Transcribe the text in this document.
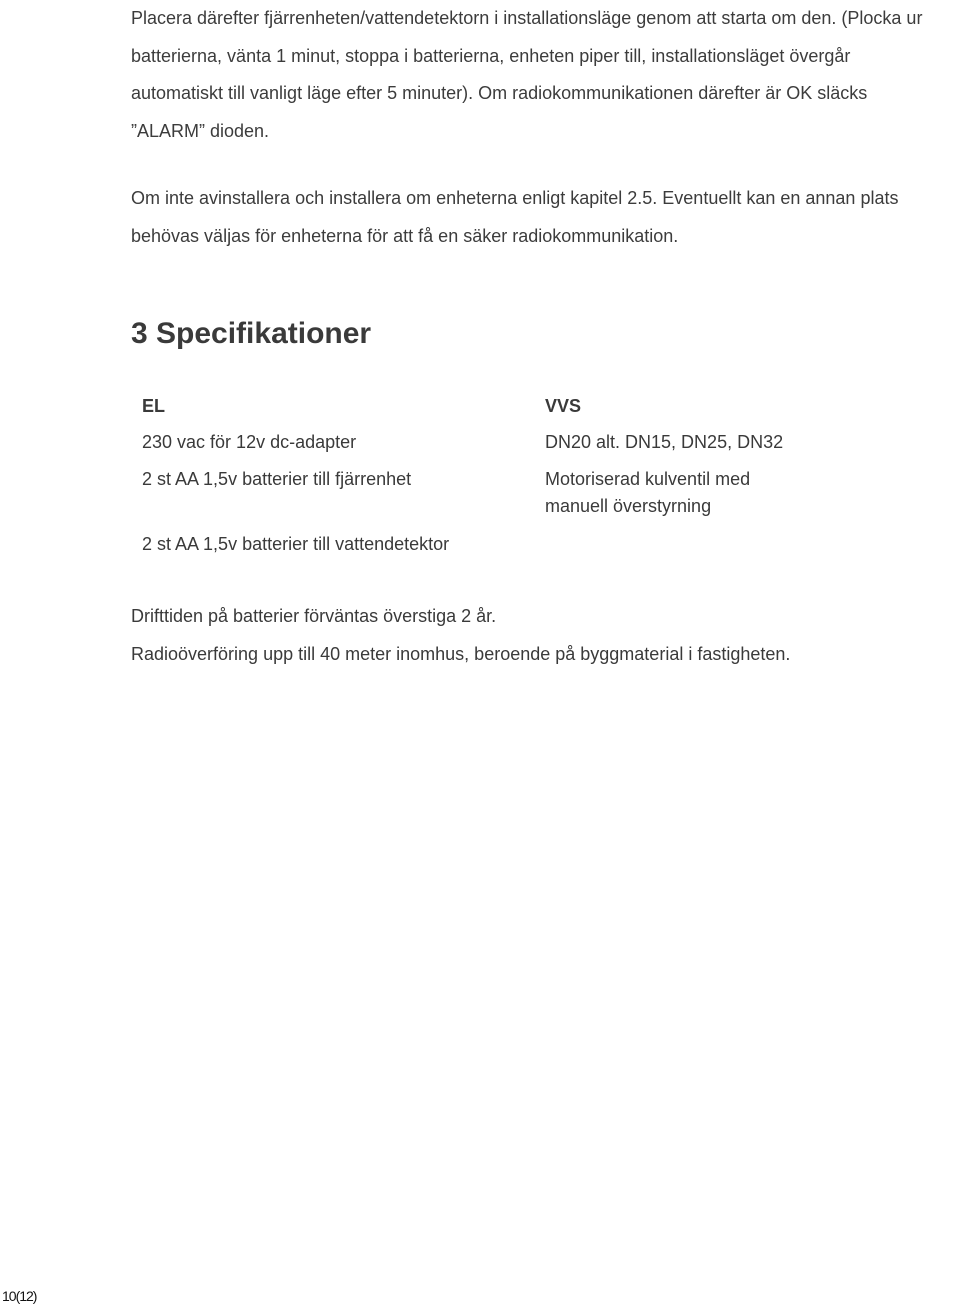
Placera därefter fjärrenheten/vattendetektorn i installationsläge genom att starta om den. (Plocka ur batterierna, vänta 1 minut, stoppa i batterierna, enheten piper till, installationsläget övergår automatiskt till vanligt läge efter 5 minuter). Om radiokommunikationen därefter är OK släcks ”ALARM” dioden.

Om inte avinstallera och installera om enheterna enligt kapitel 2.5. Eventuellt kan en annan plats behövas väljas för enheterna för att få en säker radiokommunikation.

3 Specifikationer
EL
230 vac för 12v dc-adapter
2 st AA 1,5v batterier till fjärrenhet
2 st AA 1,5v batterier till vattendetektor
VVS
DN20 alt. DN15, DN25, DN32
Motoriserad kulventil med manuell överstyrning
Drifttiden på batterier förväntas överstiga 2 år.
Radioöverföring upp till 40 meter inomhus, beroende på byggmaterial i fastigheten.
10(12)
